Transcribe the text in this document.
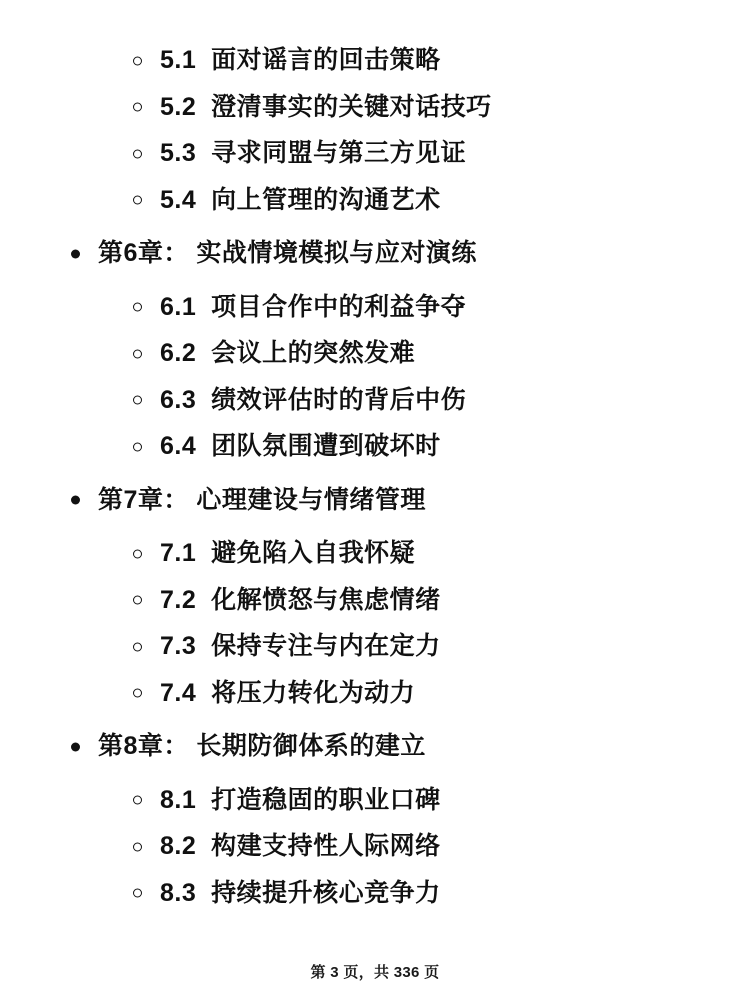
5.1  面对谣言的回击策略
5.2  澄清事实的关键对话技巧
5.3  寻求同盟与第三方见证
5.4  向上管理的沟通艺术
第6章： 实战情境模拟与应对演练
6.1  项目合作中的利益争夺
6.2  会议上的突然发难
6.3  绩效评估时的背后中伤
6.4  团队氛围遭到破坏时
第7章： 心理建设与情绪管理
7.1  避免陷入自我怀疑
7.2  化解愤怒与焦虑情绪
7.3  保持专注与内在定力
7.4  将压力转化为动力
第8章： 长期防御体系的建立
8.1  打造稳固的职业口碑
8.2  构建支持性人际网络
8.3  持续提升核心竞争力
第 3 页，共 336 页
